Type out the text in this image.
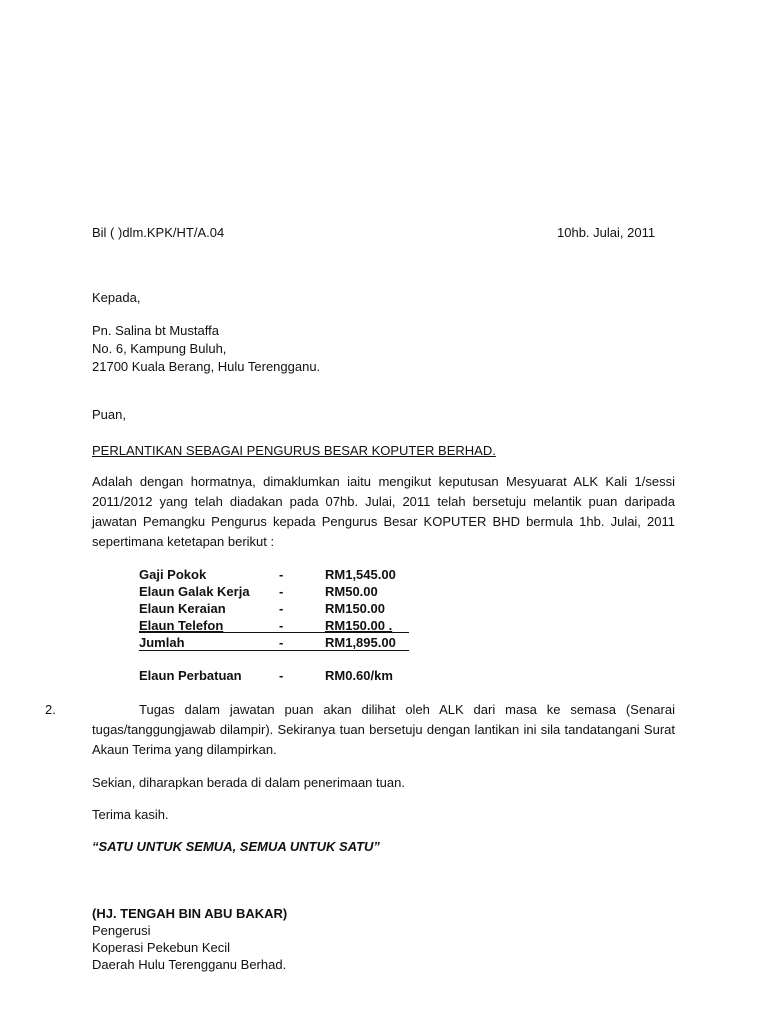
Bil ( )dlm.KPK/HT/A.04	10hb. Julai, 2011
Kepada,
Pn. Salina bt Mustaffa
No. 6, Kampung Buluh,
21700 Kuala Berang, Hulu Terengganu.
Puan,
PERLANTIKAN SEBAGAI PENGURUS BESAR KOPUTER BERHAD.
Adalah dengan hormatnya, dimaklumkan iaitu mengikut keputusan Mesyuarat ALK Kali 1/sessi 2011/2012 yang telah diadakan pada 07hb. Julai, 2011 telah bersetuju melantik puan daripada jawatan Pemangku Pengurus kepada Pengurus Besar KOPUTER BHD bermula 1hb. Julai, 2011 sepertimana ketetapan berikut :
Gaji Pokok	-	RM1,545.00
Elaun Galak Kerja -	RM50.00
Elaun Keraian	-	RM150.00
Elaun Telefon	-	RM150.00 .
Jumlah	-	RM1,895.00
Elaun Perbatuan	-	RM0.60/km
2.	Tugas dalam jawatan puan akan dilihat oleh ALK dari masa ke semasa (Senarai tugas/tanggungjawab dilampir). Sekiranya tuan bersetuju dengan lantikan ini sila tandatangani Surat Akaun Terima yang dilampirkan.
Sekian, diharapkan berada di dalam penerimaan tuan.
Terima kasih.
“SATU UNTUK SEMUA, SEMUA UNTUK SATU”
(HJ. TENGAH BIN ABU BAKAR)
Pengerusi
Koperasi Pekebun Kecil
Daerah Hulu Terengganu Berhad.
